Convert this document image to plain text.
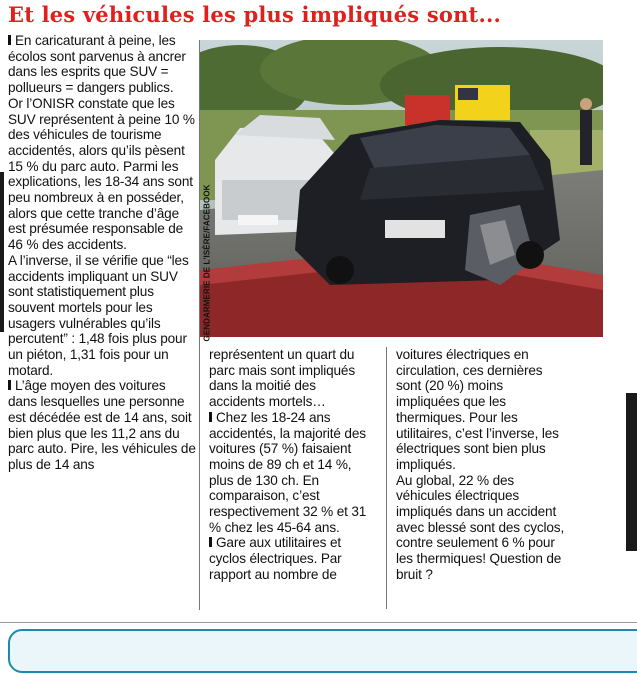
Et les véhicules les plus impliqués sont...

En caricaturant à peine, les écolos sont parvenus à ancrer dans les esprits que SUV = pollueurs = dangers publics.

Or l’ONISR constate que les SUV représentent à peine 10 % des véhicules de tourisme accidentés, alors qu’ils pèsent 15 % du parc auto. Parmi les explications, les 18-34 ans sont peu nombreux à en posséder, alors que cette tranche d’âge est présumée responsable de 46 % des accidents.

A l’inverse, il se vérifie que “les accidents impliquant un SUV sont statistiquement plus souvent mortels pour les usagers vulnérables qu’ils percutent” : 1,48 fois plus pour un piéton, 1,31 fois pour un motard.

L’âge moyen des voitures dans lesquelles une personne est décédée est de 14 ans, soit bien plus que les 11,2 ans du parc auto. Pire, les véhicules de plus de 14 ans

GENDARMERIE DE L'ISÈRE/FACEBOOK

représentent un quart du parc mais sont impliqués dans la moitié des accidents mortels…

Chez les 18-24 ans accidentés, la majorité des voitures (57 %) faisaient moins de 89 ch et 14 %, plus de 130 ch. En comparaison, c’est respectivement 32 % et 31 % chez les 45-64 ans.

Gare aux utilitaires et cyclos électriques. Par rapport au nombre de

voitures électriques en circulation, ces dernières sont (20 %) moins impliquées que les thermiques. Pour les utilitaires, c’est l’inverse, les électriques sont bien plus impliqués.

Au global, 22 % des véhicules électriques impliqués dans un accident avec blessé sont des cyclos, contre seulement 6 % pour les thermiques! Question de bruit ?
